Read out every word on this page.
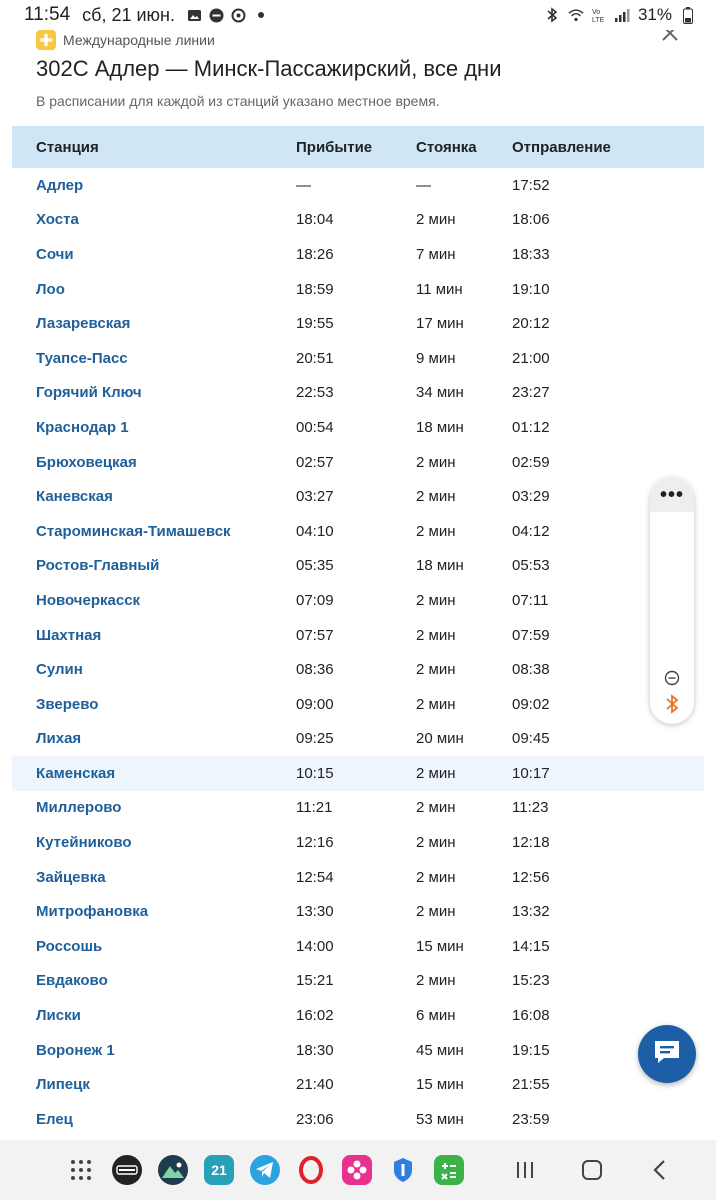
11:54 сб, 21 июн.	Vo
LTE 31%
Международные линии
302С Адлер — Минск-Пассажирский, все дни
В расписании для каждой из станций указано местное время.
Станция	Прибытие	Стоянка	Отправление
Адлер	—	—	17:52
Хоста	18:04	2 мин	18:06
Сочи	18:26	7 мин	18:33
Лоо	18:59	11 мин	19:10
Лазаревская	19:55	17 мин	20:12
Туапсе-Пасс	20:51	9 мин	21:00
Горячий Ключ	22:53	34 мин	23:27
Краснодар 1	00:54	18 мин	01:12
Брюховецкая	02:57	2 мин	02:59
Каневская	03:27	2 мин	03:29
Староминская-Тимашевск	04:10	2 мин	04:12
Ростов-Главный	05:35	18 мин	05:53
Новочеркасск	07:09	2 мин	07:11
Шахтная	07:57	2 мин	07:59
Сулин	08:36	2 мин	08:38
Зверево	09:00	2 мин	09:02
Лихая	09:25	20 мин	09:45
Каменская	10:15	2 мин	10:17
Миллерово	11:21	2 мин	11:23
Кутейниково	12:16	2 мин	12:18
Зайцевка	12:54	2 мин	12:56
Митрофановка	13:30	2 мин	13:32
Россошь	14:00	15 мин	14:15
Евдаково	15:21	2 мин	15:23
Лиски	16:02	6 мин	16:08
Воронеж 1	18:30	45 мин	19:15
Липецк	21:40	15 мин	21:55
Елец	23:06	53 мин	23:59
•••
21
